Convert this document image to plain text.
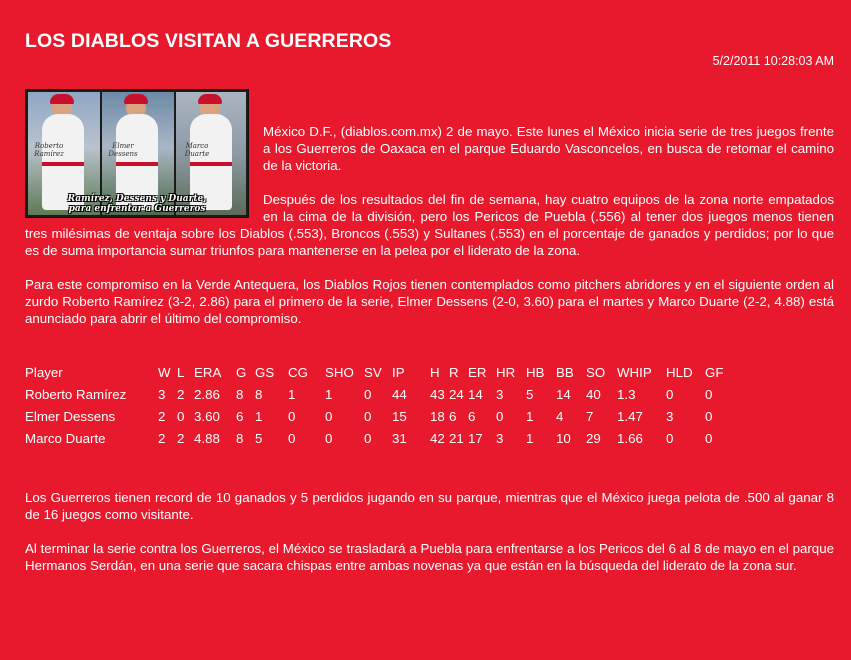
LOS DIABLOS VISITAN A GUERREROS
5/2/2011 10:28:03 AM
Roberto Ramírez
Elmer Dessens
Marco Duarte
Ramírez, Dessens y Duarte,
para enfrentar a Guerreros

México D.F., (diablos.com.mx) 2 de mayo. Este lunes el México inicia serie de tres juegos frente a los Guerreros de Oaxaca en el parque Eduardo Vasconcelos, en busca de retomar el camino de la victoria.

Después de los resultados del fin de semana, hay cuatro equipos de la zona norte empatados en la cima de la división, pero los Pericos de Puebla (.556) al tener dos juegos menos tienen tres milésimas de ventaja sobre los Diablos (.553), Broncos (.553) y Sultanes (.553) en el porcentaje de ganados y perdidos; por lo que es de suma importancia sumar triunfos para mantenerse en la pelea por el liderato de la zona.

Para este compromiso en la Verde Antequera, los Diablos Rojos tienen contemplados como pitchers abridores y en el siguiente orden al zurdo Roberto Ramírez (3-2, 2.86) para el primero de la serie, Elmer Dessens (2-0, 3.60) para el martes y Marco Duarte (2-2, 4.88) está anunciado para abrir el último del compromiso.

Player	W	L	ERA	G	GS	CG	SHO	SV	IP	H	R	ER	HR	HB	BB	SO	WHIP	HLD	GF
Roberto Ramírez	3	2	2.86	8	8	1	1	0	44	43	24	14	3	5	14	40	1.3	0	0
Elmer Dessens	2	0	3.60	6	1	0	0	0	15	18	6	6	0	1	4	7	1.47	3	0
Marco Duarte	2	2	4.88	8	5	0	0	0	31	42	21	17	3	1	10	29	1.66	0	0

Los Guerreros tienen record de 10 ganados y 5 perdidos jugando en su parque, mientras que el México juega pelota de .500 al ganar 8 de 16 juegos como visitante.

Al terminar la serie contra los Guerreros, el México se trasladará a Puebla para enfrentarse a los Pericos del 6 al 8 de mayo en el parque Hermanos Serdán, en una serie que sacara chispas entre ambas novenas ya que están en la búsqueda del liderato de la zona sur.
